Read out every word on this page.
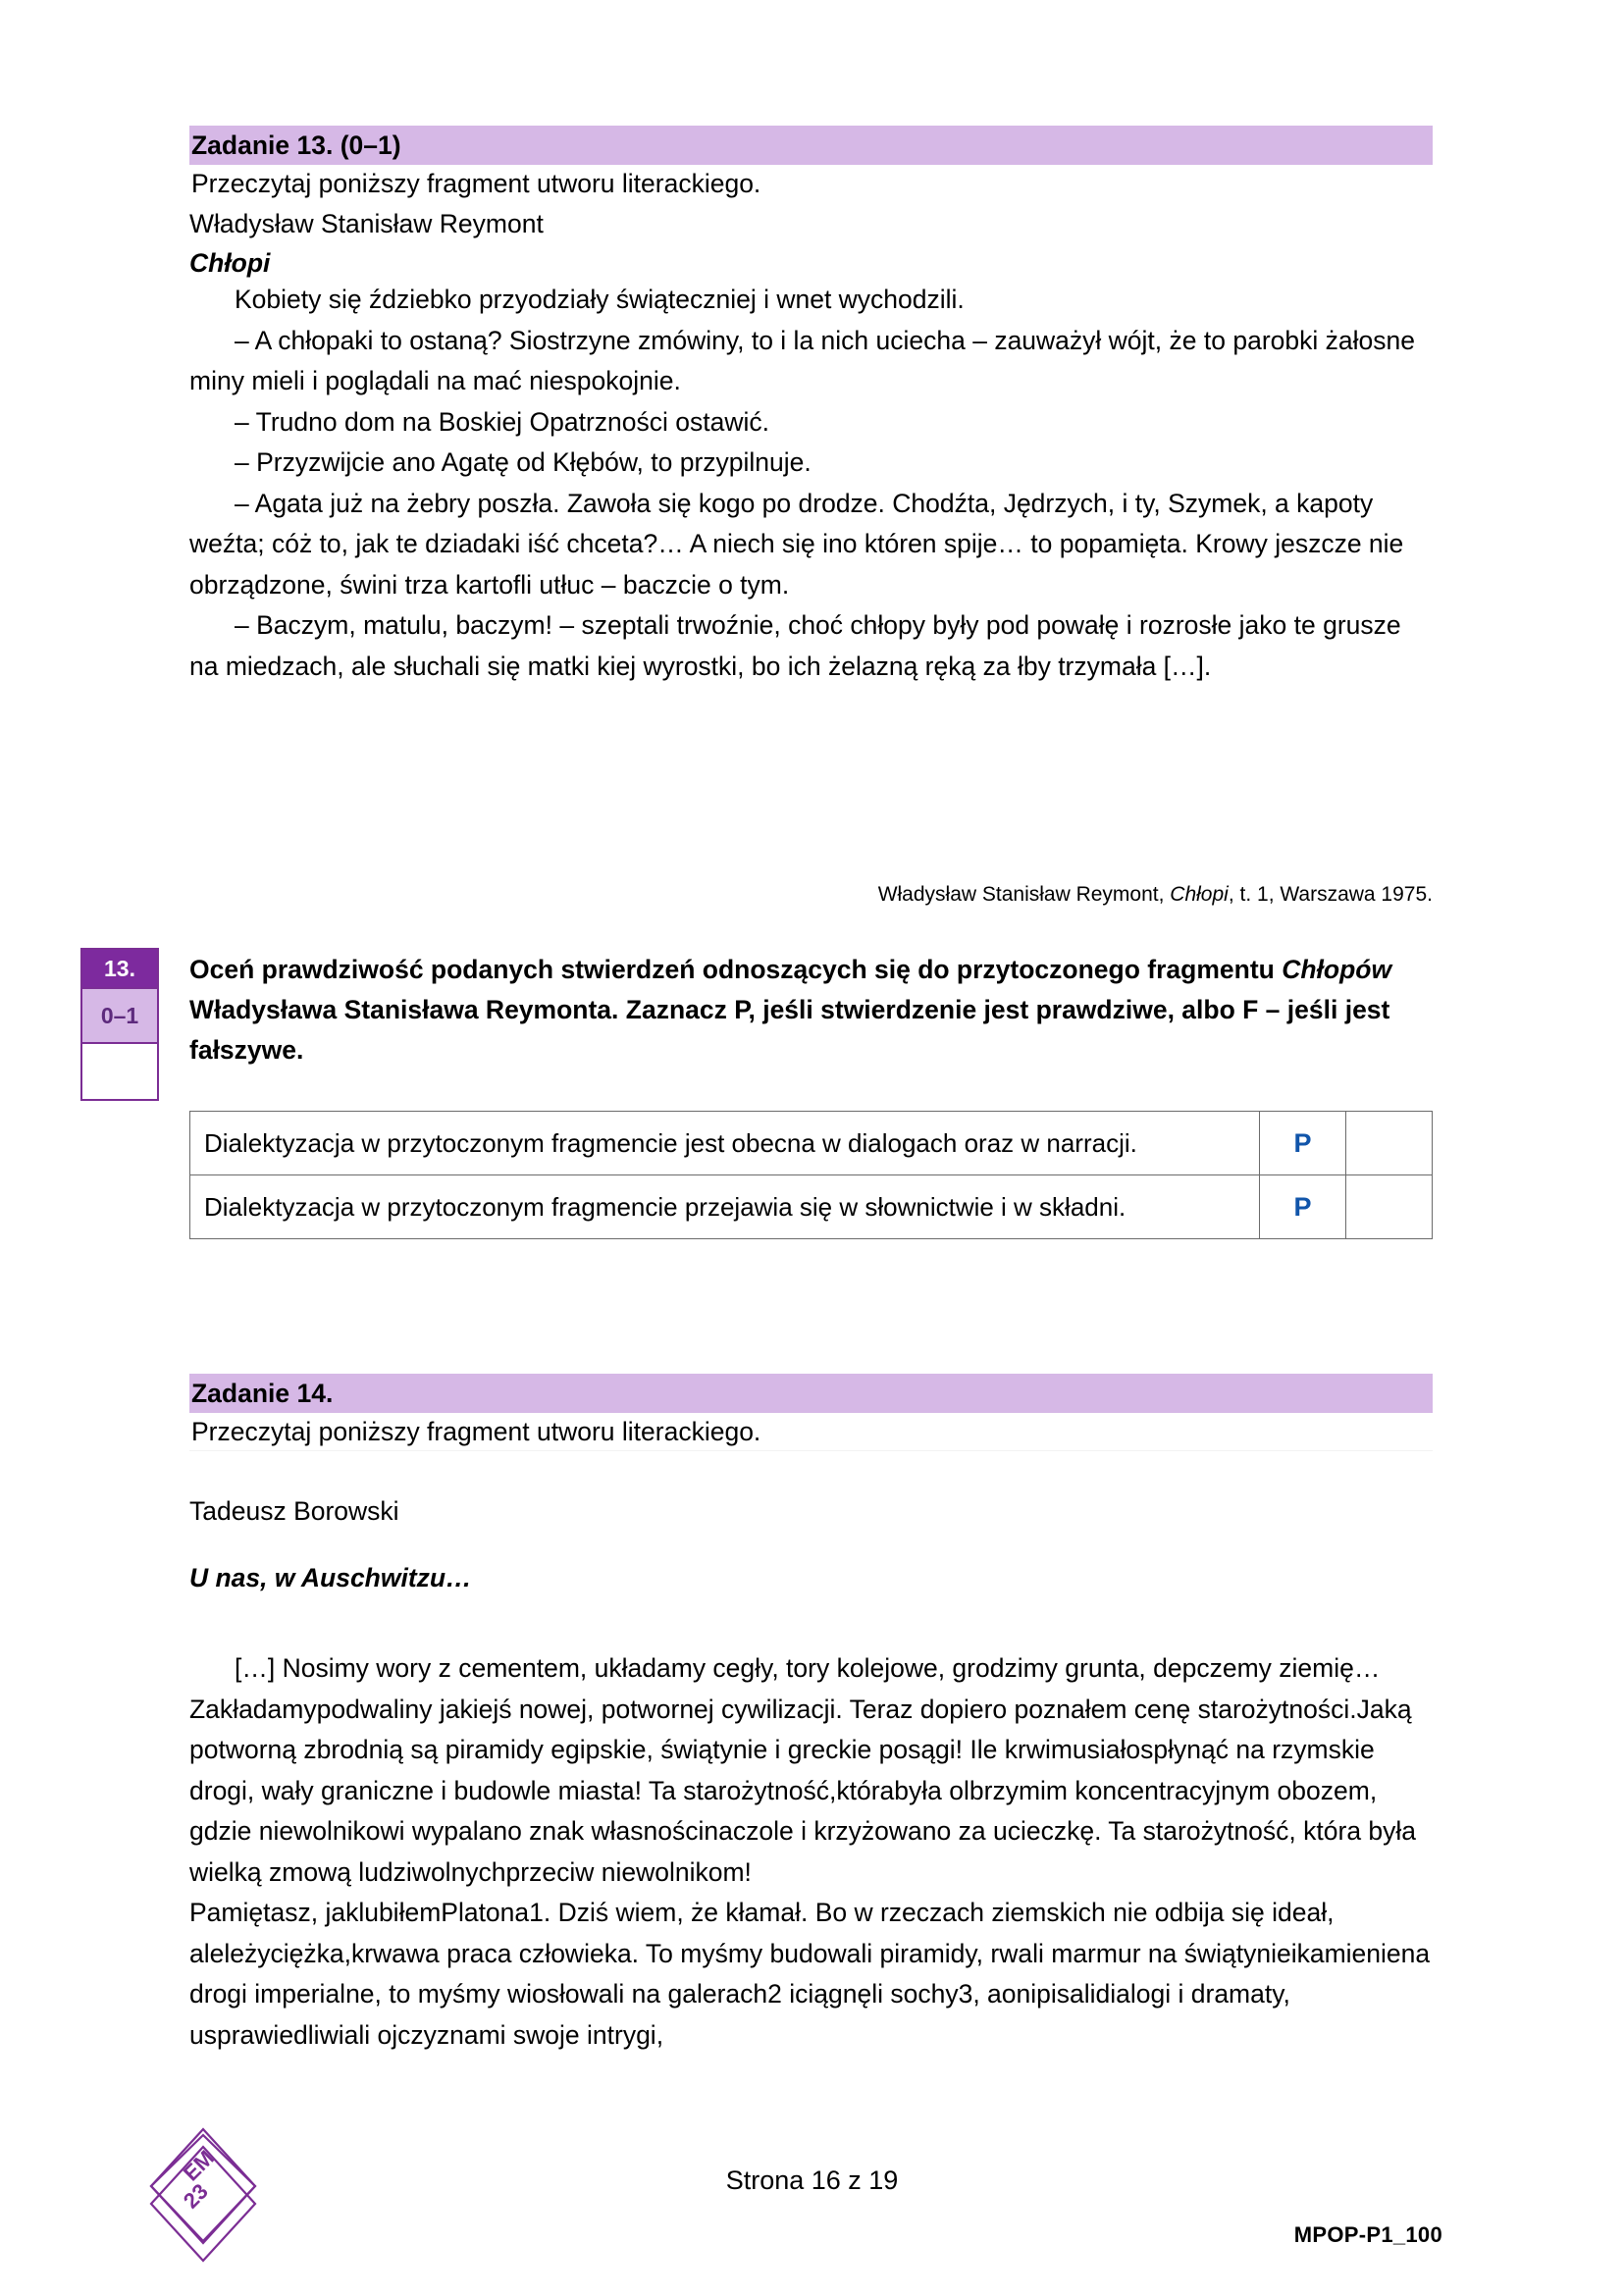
Zadanie 13. (0–1)
Przeczytaj poniższy fragment utworu literackiego.
Władysław Stanisław Reymont
Chłopi

Kobiety się ździebko przyodziały świąteczniej i wnet wychodzili.

– A chłopaki to ostaną? Siostrzyne zmówiny, to i la nich uciecha – zauważył wójt, że to parobki żałosne miny mieli i poglądali na mać niespokojnie.

– Trudno dom na Boskiej Opatrzności ostawić.

– Przyzwijcie ano Agatę od Kłębów, to przypilnuje.

– Agata już na żebry poszła. Zawoła się kogo po drodze. Chodźta, Jędrzych, i ty, Szymek, a kapoty weźta; cóż to, jak te dziadaki iść chceta?… A niech się ino któren spije… to popamięta. Krowy jeszcze nie obrządzone, świni trza kartofli utłuc – baczcie o tym.

– Baczym, matulu, baczym! – szeptali trwoźnie, choć chłopy były pod powałę i rozrosłe jako te grusze na miedzach, ale słuchali się matki kiej wyrostki, bo ich żelazną ręką za łby trzymała […].

Władysław Stanisław Reymont, Chłopi, t. 1, Warszawa 1975.
13.
0–1
Oceń prawdziwość podanych stwierdzeń odnoszących się do przytoczonego fragmentu Chłopów Władysława Stanisława Reymonta. Zaznacz P, jeśli stwierdzenie jest prawdziwe, albo F – jeśli jest fałszywe.
Dialektyzacja w przytoczonym fragmencie jest obecna w dialogach oraz w narracji.	P	
Dialektyzacja w przytoczonym fragmencie przejawia się w słownictwie i w składni.	P	
Zadanie 14.
Przeczytaj poniższy fragment utworu literackiego.
Tadeusz Borowski
U nas, w Auschwitzu…

[…] Nosimy wory z cementem, układamy cegły, tory kolejowe, grodzimy grunta, depczemy ziemię… Zakładamypodwaliny jakiejś nowej, potwornej cywilizacji. Teraz dopiero poznałem cenę starożytności.Jaką potworną zbrodnią są piramidy egipskie, świątynie i greckie posągi! Ile krwimusiałospłynąć na rzymskie drogi, wały graniczne i budowle miasta! Ta starożytność,którabyła olbrzymim koncentracyjnym obozem, gdzie niewolnikowi wypalano znak własnościnaczole i krzyżowano za ucieczkę. Ta starożytność, która była wielką zmową ludziwolnychprzeciw niewolnikom!

Pamiętasz, jaklubiłemPlatona1. Dziś wiem, że kłamał. Bo w rzeczach ziemskich nie odbija się ideał, aleleżyciężka,krwawa praca człowieka. To myśmy budowali piramidy, rwali marmur na świątynieikamieniena drogi imperialne, to myśmy wiosłowali na galerach2 iciągnęli sochy3, aonipisalidialogi i dramaty, usprawiedliwiali ojczyznami swoje intrygi,

EM
23	Strona 16 z 19
MPOP-P1_100
